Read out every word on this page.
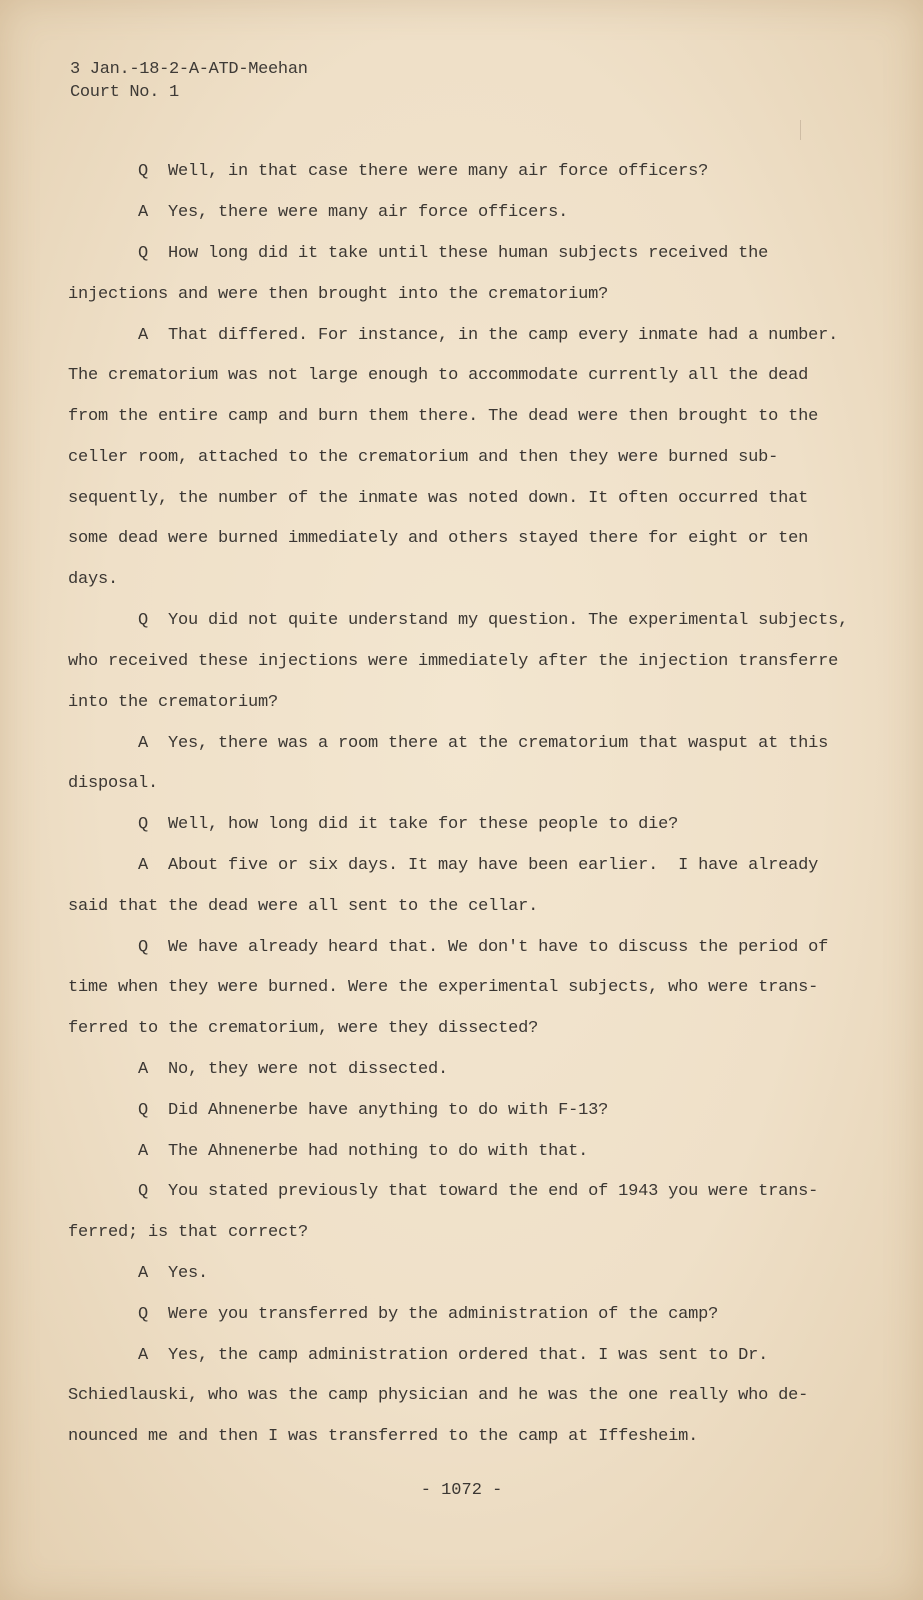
3 Jan.-18-2-A-ATD-Meehan
Court No. 1
Q  Well, in that case there were many air force officers?
A  Yes, there were many air force officers.
Q  How long did it take until these human subjects received the
injections and were then brought into the crematorium?
A  That differed. For instance, in the camp every inmate had a number.
The crematorium was not large enough to accommodate currently all the dead
from the entire camp and burn them there. The dead were then brought to the
celler room, attached to the crematorium and then they were burned sub-
sequently, the number of the inmate was noted down. It often occurred that
some dead were burned immediately and others stayed there for eight or ten
days.
Q  You did not quite understand my question. The experimental subjects,
who received these injections were immediately after the injection transferre
into the crematorium?
A  Yes, there was a room there at the crematorium that wasput at this
disposal.
Q  Well, how long did it take for these people to die?
A  About five or six days. It may have been earlier.  I have already
said that the dead were all sent to the cellar.
Q  We have already heard that. We don't have to discuss the period of
time when they were burned. Were the experimental subjects, who were trans-
ferred to the crematorium, were they dissected?
A  No, they were not dissected.
Q  Did Ahnenerbe have anything to do with F-13?
A  The Ahnenerbe had nothing to do with that.
Q  You stated previously that toward the end of 1943 you were trans-
ferred; is that correct?
A  Yes.
Q  Were you transferred by the administration of the camp?
A  Yes, the camp administration ordered that. I was sent to Dr.
Schiedlauski, who was the camp physician and he was the one really who de-
nounced me and then I was transferred to the camp at Iffesheim.
- 1072 -
